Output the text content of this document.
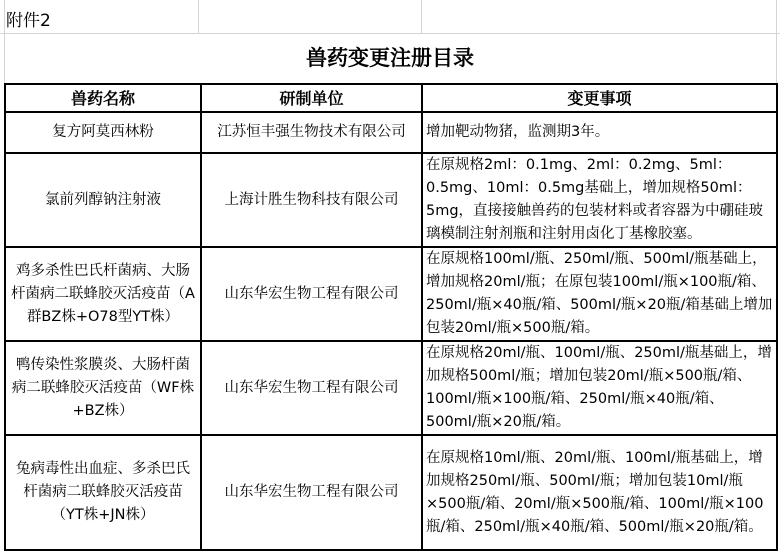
附件2
兽药变更注册目录
兽药名称	研制单位	变更事项
复方阿莫西林粉	江苏恒丰强生物技术有限公司	增加靶动物猪，监测期3年。
氯前列醇钠注射液	上海计胜生物科技有限公司	在原规格2ml：0.1mg、2ml：0.2mg、5ml：0.5mg、10ml：0.5mg基础上，增加规格50ml：5mg，直接接触兽药的包装材料或者容器为中硼硅玻璃模制注射剂瓶和注射用卤化丁基橡胶塞。
鸡多杀性巴氏杆菌病、大肠杆菌病二联蜂胶灭活疫苗（A群BZ株+O78型YT株）	山东华宏生物工程有限公司	在原规格100ml/瓶、250ml/瓶、500ml/瓶基础上，增加规格20ml/瓶；在原包装100ml/瓶×100瓶/箱、250ml/瓶×40瓶/箱、500ml/瓶×20瓶/箱基础上增加包装20ml/瓶×500瓶/箱。
鸭传染性浆膜炎、大肠杆菌病二联蜂胶灭活疫苗（WF株+BZ株）	山东华宏生物工程有限公司	在原规格20ml/瓶、100ml/瓶、250ml/瓶基础上，增加规格500ml/瓶；增加包装20ml/瓶×500瓶/箱、100ml/瓶×100瓶/箱、250ml/瓶×40瓶/箱、500ml/瓶×20瓶/箱。
兔病毒性出血症、多杀巴氏杆菌病二联蜂胶灭活疫苗（YT株+JN株）	山东华宏生物工程有限公司	在原规格10ml/瓶、20ml/瓶、100ml/瓶基础上，增加规格250ml/瓶、500ml/瓶；增加包装10ml/瓶×500瓶/箱、20ml/瓶×500瓶/箱、100ml/瓶×100瓶/箱、250ml/瓶×40瓶/箱、500ml/瓶×20瓶/箱。
